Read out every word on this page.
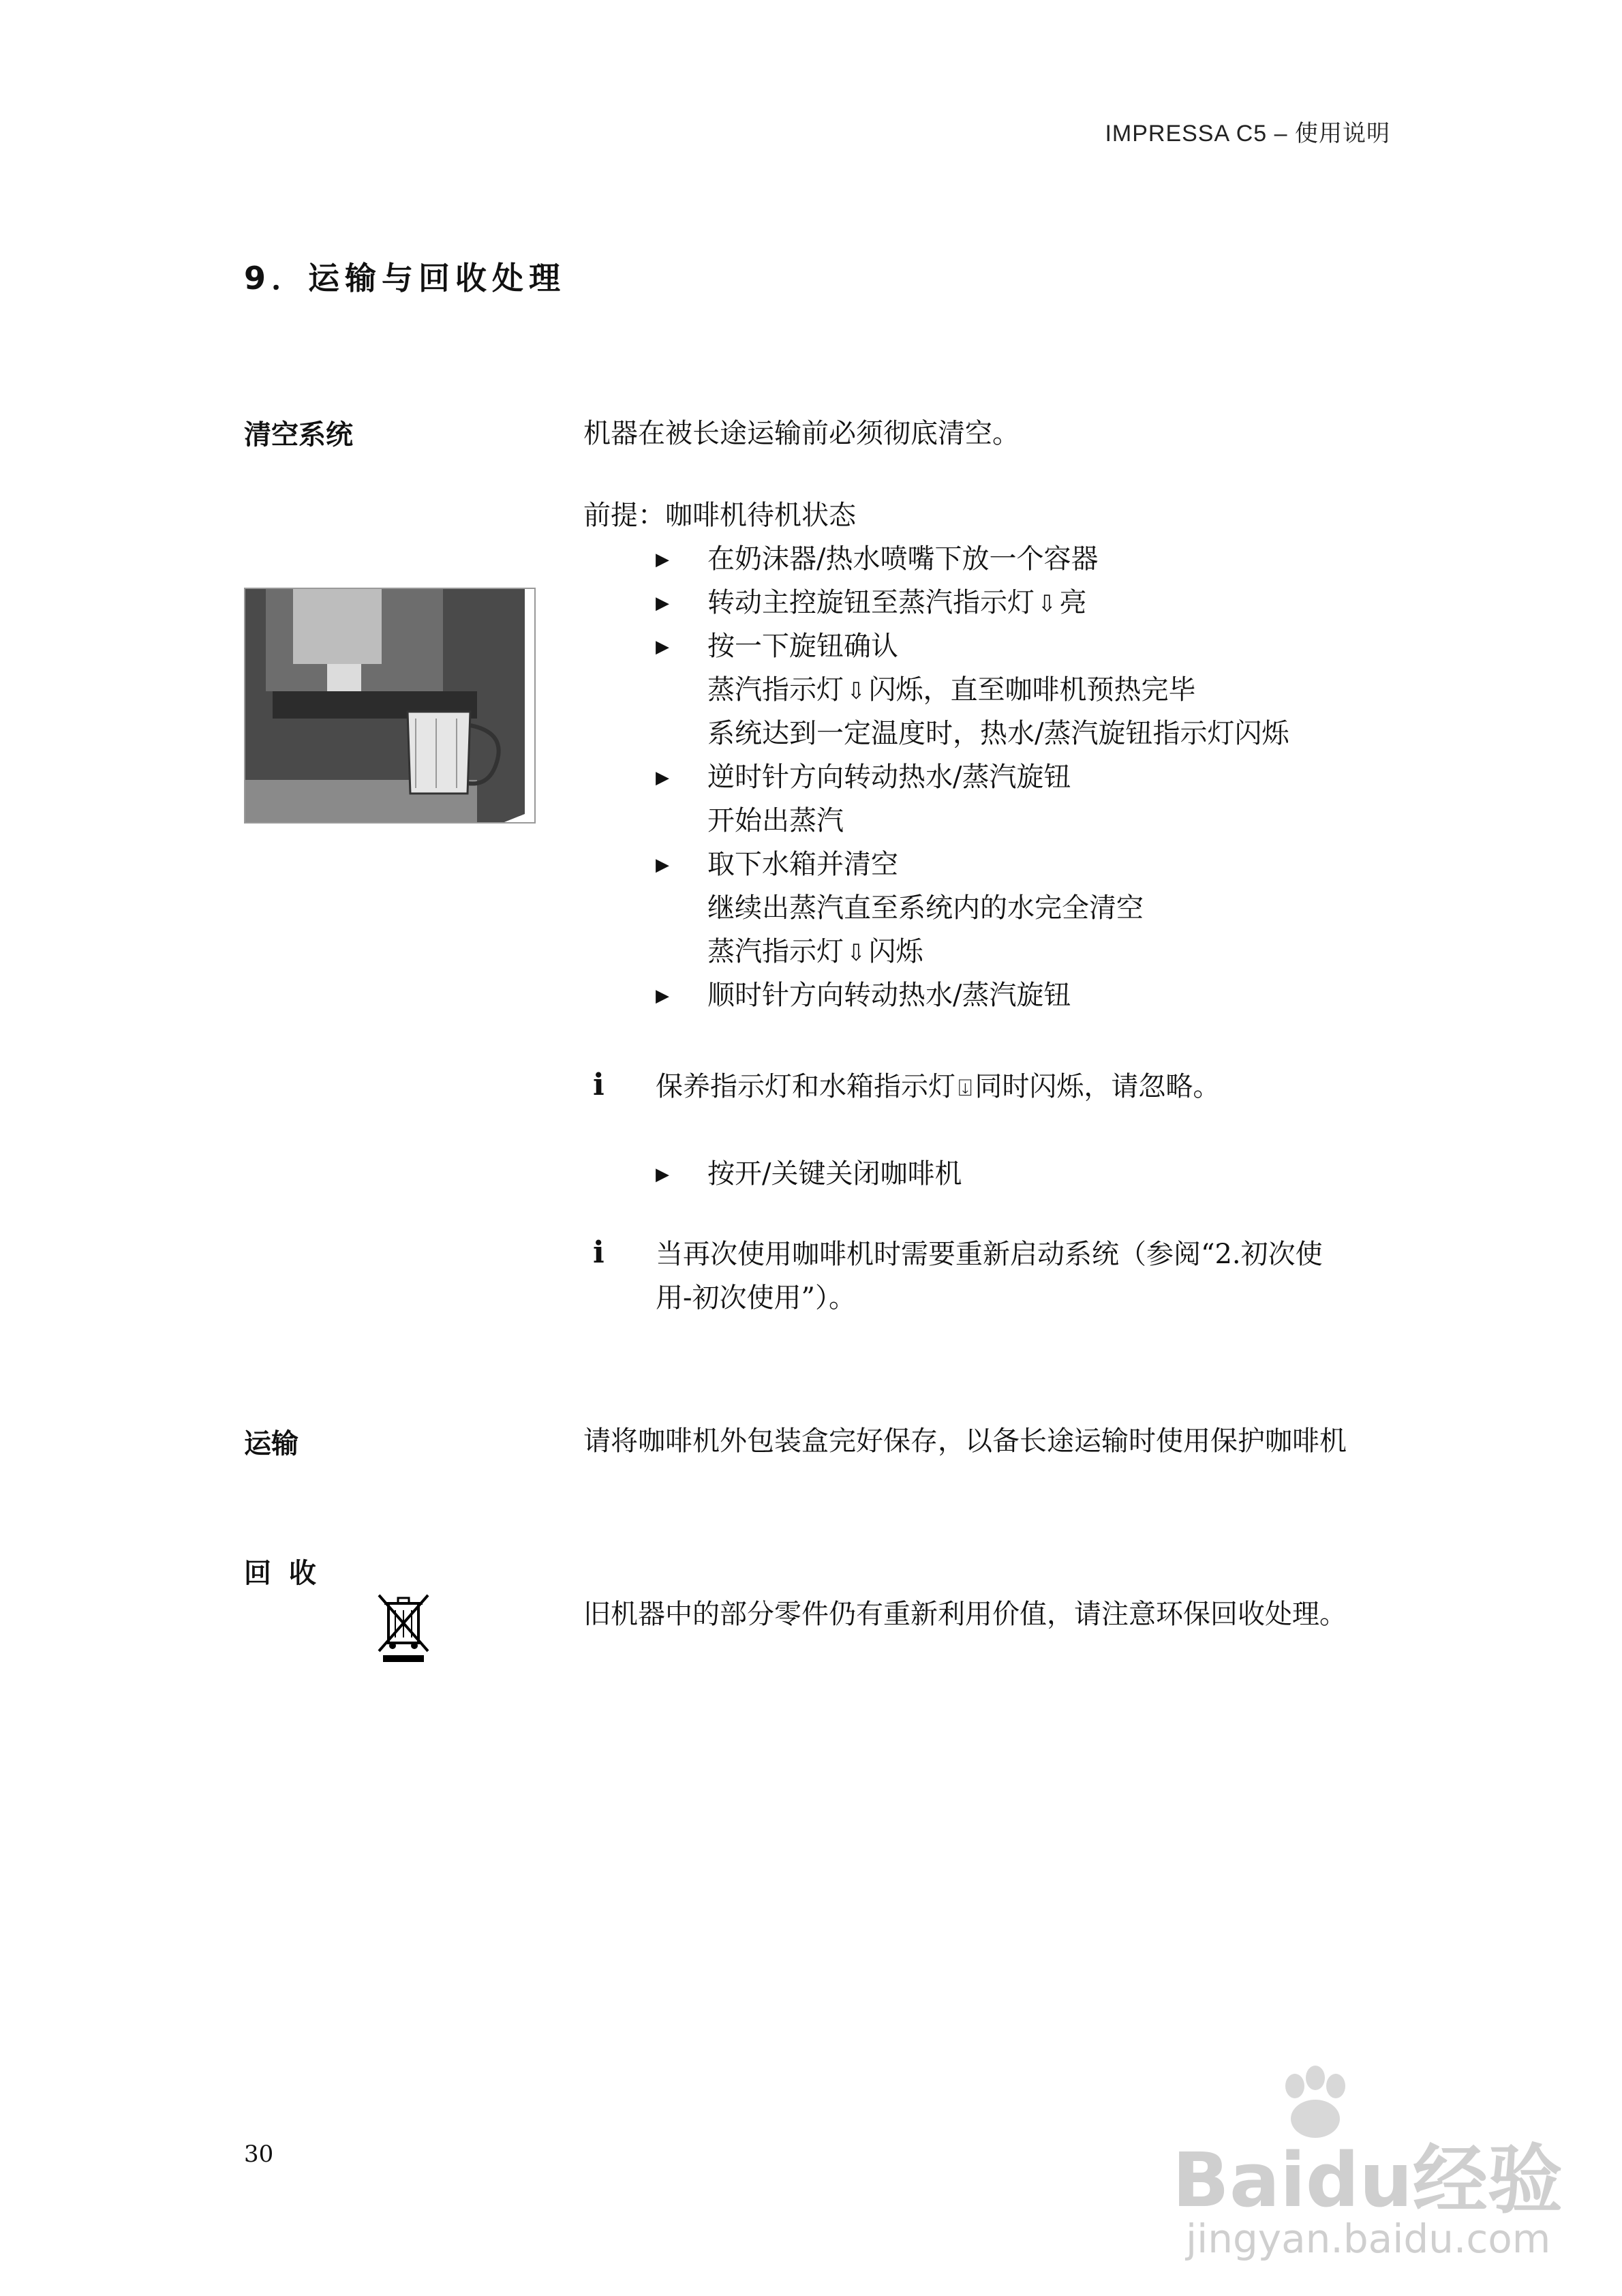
IMPRESSA C5 – 使用说明
9．运输与回收处理
清空系统	机器在被长途运输前必须彻底清空。
前提：咖啡机待机状态
▶ 在奶沫器/热水喷嘴下放一个容器
▶ 转动主控旋钮至蒸汽指示灯 ⇩ 亮
▶ 按一下旋钮确认
蒸汽指示灯 ⇩ 闪烁，直至咖啡机预热完毕
系统达到一定温度时，热水/蒸汽旋钮指示灯闪烁
▶ 逆时针方向转动热水/蒸汽旋钮
开始出蒸汽
▶ 取下水箱并清空
继续出蒸汽直至系统内的水完全清空
蒸汽指示灯 ⇩ 闪烁
▶ 顺时针方向转动热水/蒸汽旋钮
i 保养指示灯和水箱指示灯 ⍗ 同时闪烁，请忽略。
▶ 按开/关键关闭咖啡机
i 当再次使用咖啡机时需要重新启动系统（参阅“2.初次使
用-初次使用”）。
运输	请将咖啡机外包装盒完好保存，以备长途运输时使用保护咖啡机
回 收
旧机器中的部分零件仍有重新利用价值，请注意环保回收处理。
30	Baidu经验
jingyan.baidu.com
